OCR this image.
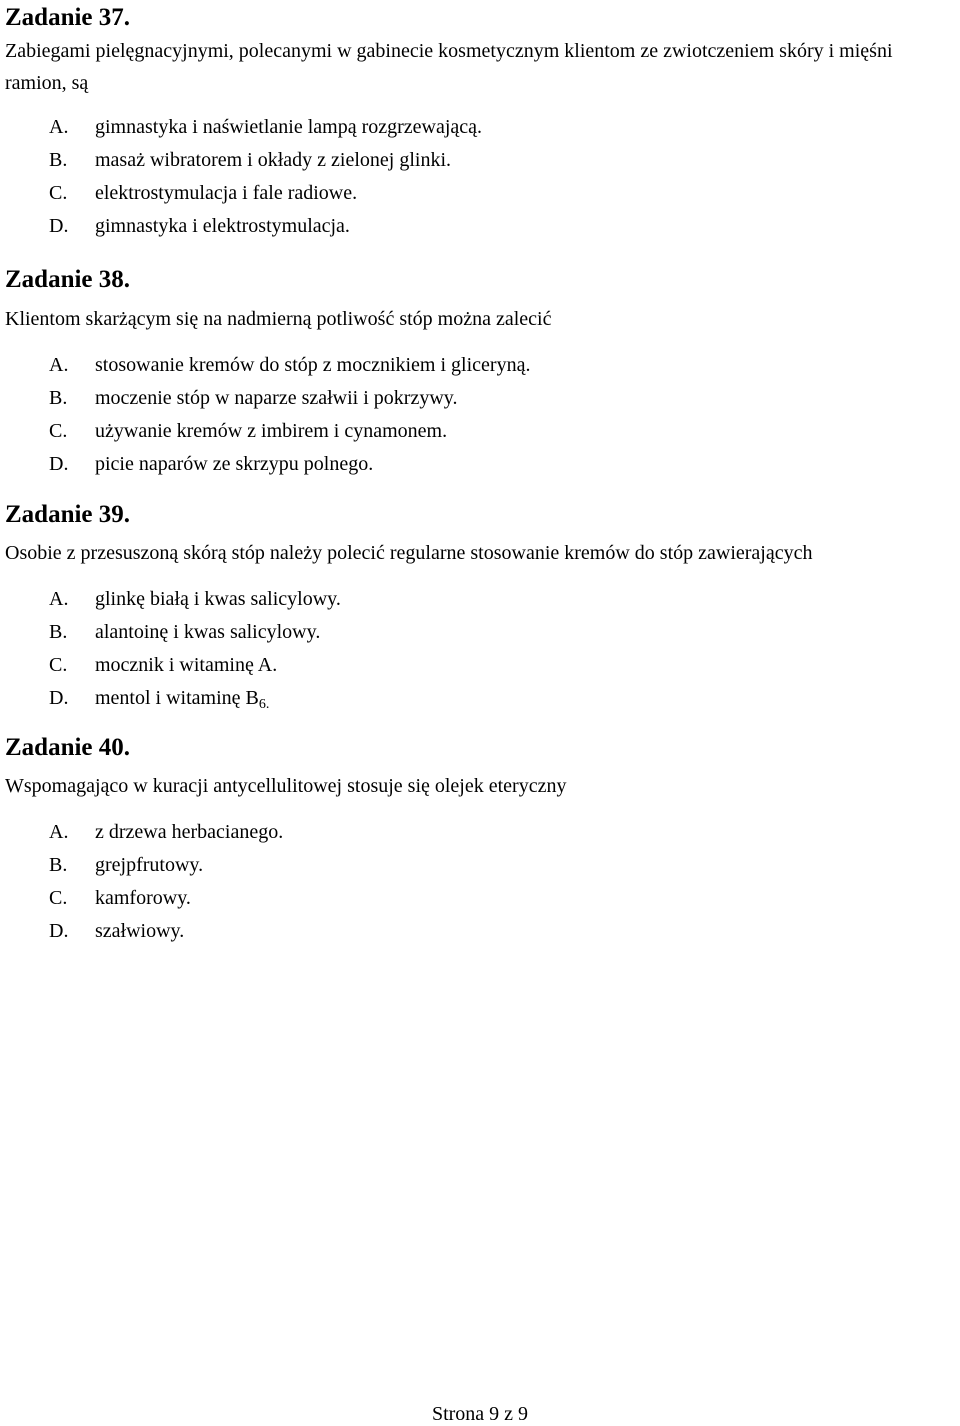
Zadanie 37.

Zabiegami pielęgnacyjnymi, polecanymi w gabinecie kosmetycznym klientom ze zwiotczeniem skóry i mięśni ramion, są

A. gimnastyka i naświetlanie lampą rozgrzewającą.
B. masaż wibratorem i okłady z zielonej glinki.
C. elektrostymulacja i fale radiowe.
D. gimnastyka i elektrostymulacja.
Zadanie 38.

Klientom skarżącym się na nadmierną potliwość stóp można zalecić

A. stosowanie kremów do stóp z mocznikiem i gliceryną.
B. moczenie stóp w naparze szałwii i pokrzywy.
C. używanie kremów z imbirem i cynamonem.
D. picie naparów ze skrzypu polnego.
Zadanie 39.

Osobie z przesuszoną skórą stóp należy polecić regularne stosowanie kremów do stóp zawierających

A. glinkę białą i kwas salicylowy.
B. alantoinę i kwas salicylowy.
C. mocznik i witaminę A.
D. mentol i witaminę $B_{6.}$
Zadanie 40.

Wspomagająco w kuracji antycellulitowej stosuje się olejek eteryczny

A. z drzewa herbacianego.
B. grejpfrutowy.
C. kamforowy.
D. szałwiowy.
Strona 9 z 9
